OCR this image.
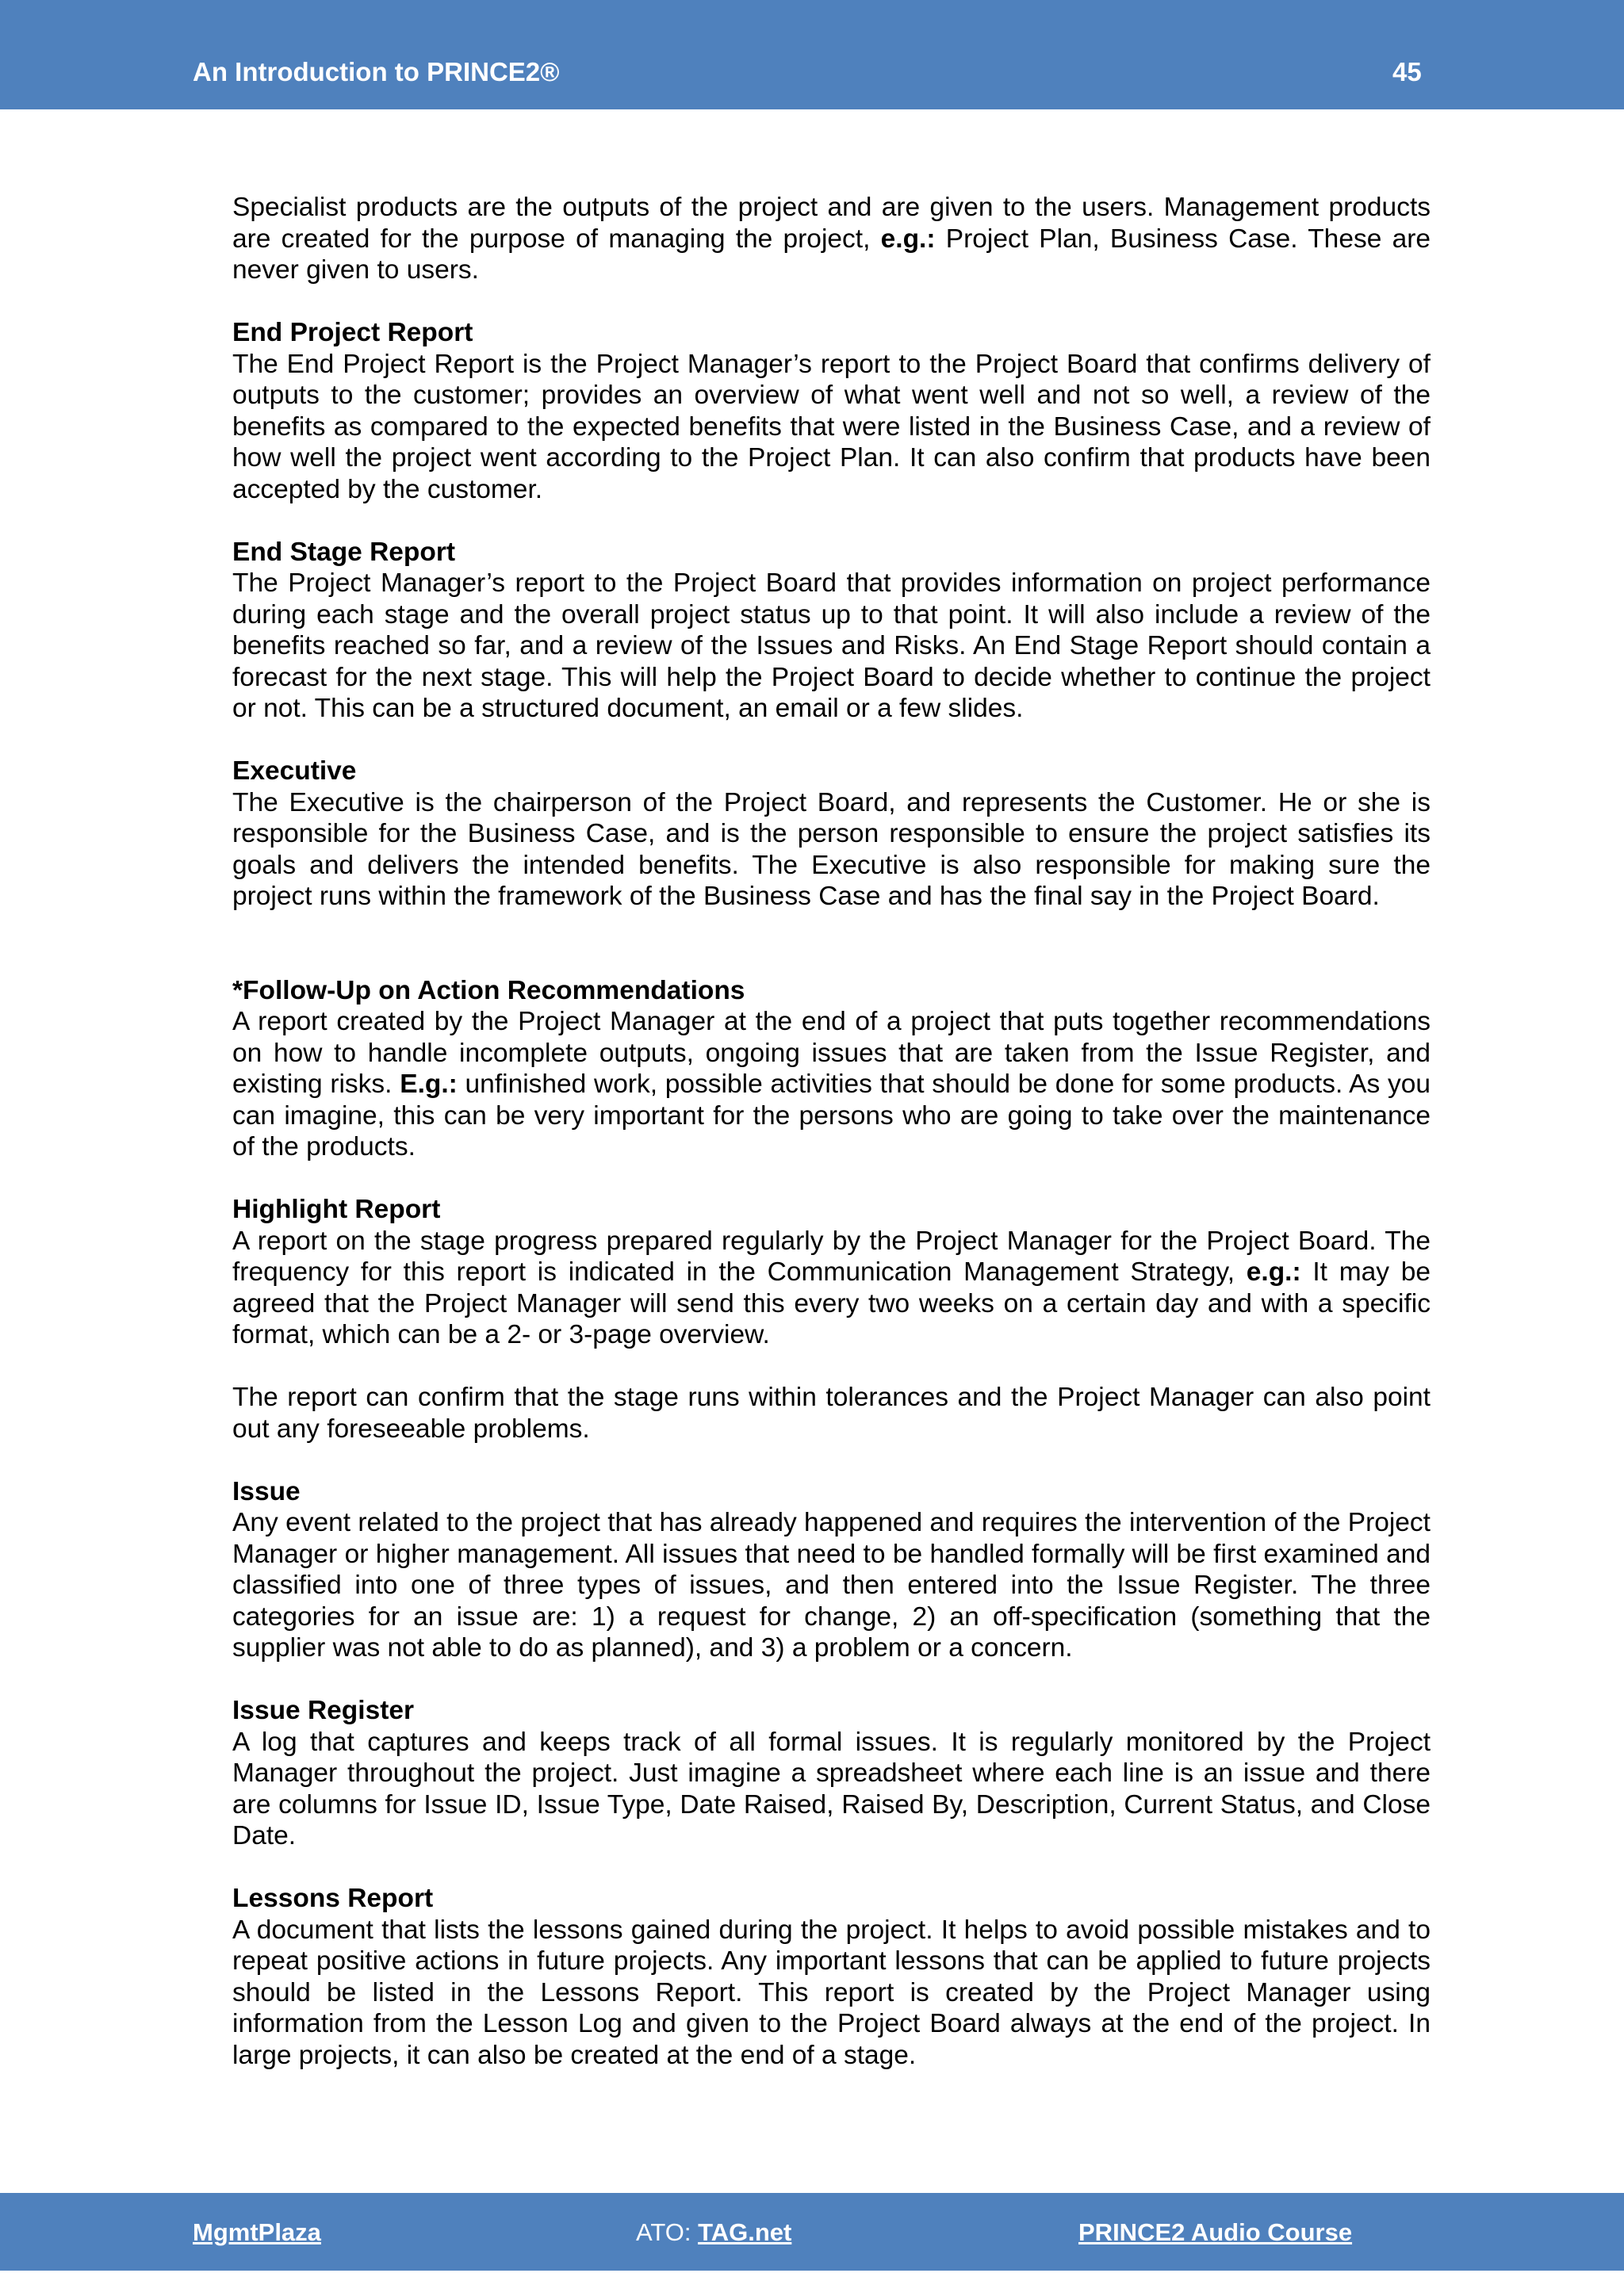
An Introduction to PRINCE2®	45

Specialist products are the outputs of the project and are given to the users. Management products are created for the purpose of managing the project, e.g.: Project Plan, Business Case. These are never given to users.

End Project Report
The End Project Report is the Project Manager’s report to the Project Board that confirms delivery of outputs to the customer; provides an overview of what went well and not so well, a review of the benefits as compared to the expected benefits that were listed in the Business Case, and a review of how well the project went according to the Project Plan. It can also confirm that products have been accepted by the customer.

End Stage Report
The Project Manager’s report to the Project Board that provides information on project performance during each stage and the overall project status up to that point. It will also include a review of the benefits reached so far, and a review of the Issues and Risks. An End Stage Report should contain a forecast for the next stage. This will help the Project Board to decide whether to continue the project or not. This can be a structured document, an email or a few slides.

Executive
The Executive is the chairperson of the Project Board, and represents the Customer. He or she is responsible for the Business Case, and is the person responsible to ensure the project satisfies its goals and delivers the intended benefits. The Executive is also responsible for making sure the project runs within the framework of the Business Case and has the final say in the Project Board.

*Follow-Up on Action Recommendations
A report created by the Project Manager at the end of a project that puts together recommendations on how to handle incomplete outputs, ongoing issues that are taken from the Issue Register, and existing risks. E.g.: unfinished work, possible activities that should be done for some products. As you can imagine, this can be very important for the persons who are going to take over the maintenance of the products.

Highlight Report
A report on the stage progress prepared regularly by the Project Manager for the Project Board. The frequency for this report is indicated in the Communication Management Strategy, e.g.: It may be agreed that the Project Manager will send this every two weeks on a certain day and with a specific format, which can be a 2- or 3-page overview.

The report can confirm that the stage runs within tolerances and the Project Manager can also point out any foreseeable problems.

Issue
Any event related to the project that has already happened and requires the intervention of the Project Manager or higher management. All issues that need to be handled formally will be first examined and classified into one of three types of issues, and then entered into the Issue Register. The three categories for an issue are: 1) a request for change, 2) an off-specification (something that the supplier was not able to do as planned), and 3) a problem or a concern.

Issue Register
A log that captures and keeps track of all formal issues. It is regularly monitored by the Project Manager throughout the project. Just imagine a spreadsheet where each line is an issue and there are columns for Issue ID, Issue Type, Date Raised, Raised By, Description, Current Status, and Close Date.

Lessons Report
A document that lists the lessons gained during the project. It helps to avoid possible mistakes and to repeat positive actions in future projects. Any important lessons that can be applied to future projects should be listed in the Lessons Report. This report is created by the Project Manager using information from the Lesson Log and given to the Project Board always at the end of the project. In large projects, it can also be created at the end of a stage.

MgmtPlaza	ATO: TAG.net	PRINCE2 Audio Course
